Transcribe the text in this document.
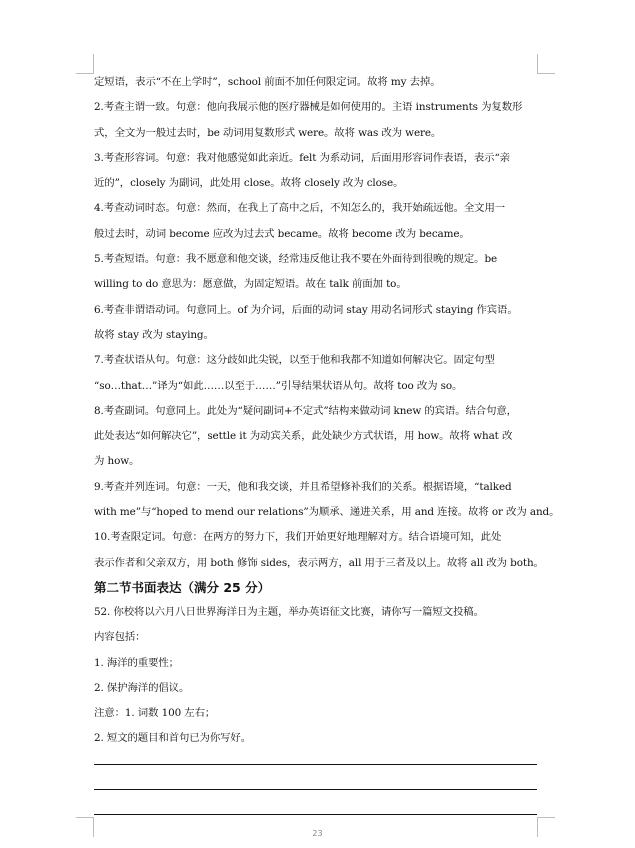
定短语，表示“不在上学时”，school 前面不加任何限定词。故将 my 去掉。
2.考查主谓一致。句意：他向我展示他的医疗器械是如何使用的。主语 instruments 为复数形
式，全文为一般过去时，be 动词用复数形式 were。故将 was 改为 were。
3.考查形容词。句意：我对他感觉如此亲近。felt 为系动词，后面用形容词作表语，表示“亲
近的”，closely 为副词，此处用 close。故将 closely 改为 close。
4.考查动词时态。句意：然而，在我上了高中之后，不知怎么的，我开始疏远他。全文用一
般过去时，动词 become 应改为过去式 became。故将 become 改为 became。
5.考查短语。句意：我不愿意和他交谈，经常违反他让我不要在外面待到很晚的规定。be
willing to do 意思为：愿意做，为固定短语。故在 talk 前面加 to。
6.考查非谓语动词。句意同上。of 为介词，后面的动词 stay 用动名词形式 staying 作宾语。
故将 stay 改为 staying。
7.考查状语从句。句意：这分歧如此尖锐，以至于他和我都不知道如何解决它。固定句型
“so…that…”译为“如此……以至于……”引导结果状语从句。故将 too 改为 so。
8.考查副词。句意同上。此处为“疑问副词+不定式”结构来做动词 knew 的宾语。结合句意，
此处表达“如何解决它”，settle it 为动宾关系，此处缺少方式状语，用 how。故将 what 改
为 how。
9.考查并列连词。句意：一天，他和我交谈，并且希望修补我们的关系。根据语境，“talked
with me”与“hoped to mend our relations”为顺承、递进关系，用 and 连接。故将 or 改为 and。
10.考查限定词。句意：在两方的努力下，我们开始更好地理解对方。结合语境可知，此处
表示作者和父亲双方，用 both 修饰 sides，表示两方，all 用于三者及以上。故将 all 改为 both。
第二节书面表达（满分 25 分）
52. 你校将以六月八日世界海洋日为主题，举办英语征文比赛，请你写一篇短文投稿。
内容包括：
1. 海洋的重要性；
2. 保护海洋的倡议。
注意：1. 词数 100 左右；
2. 短文的题目和首句已为你写好。
23
